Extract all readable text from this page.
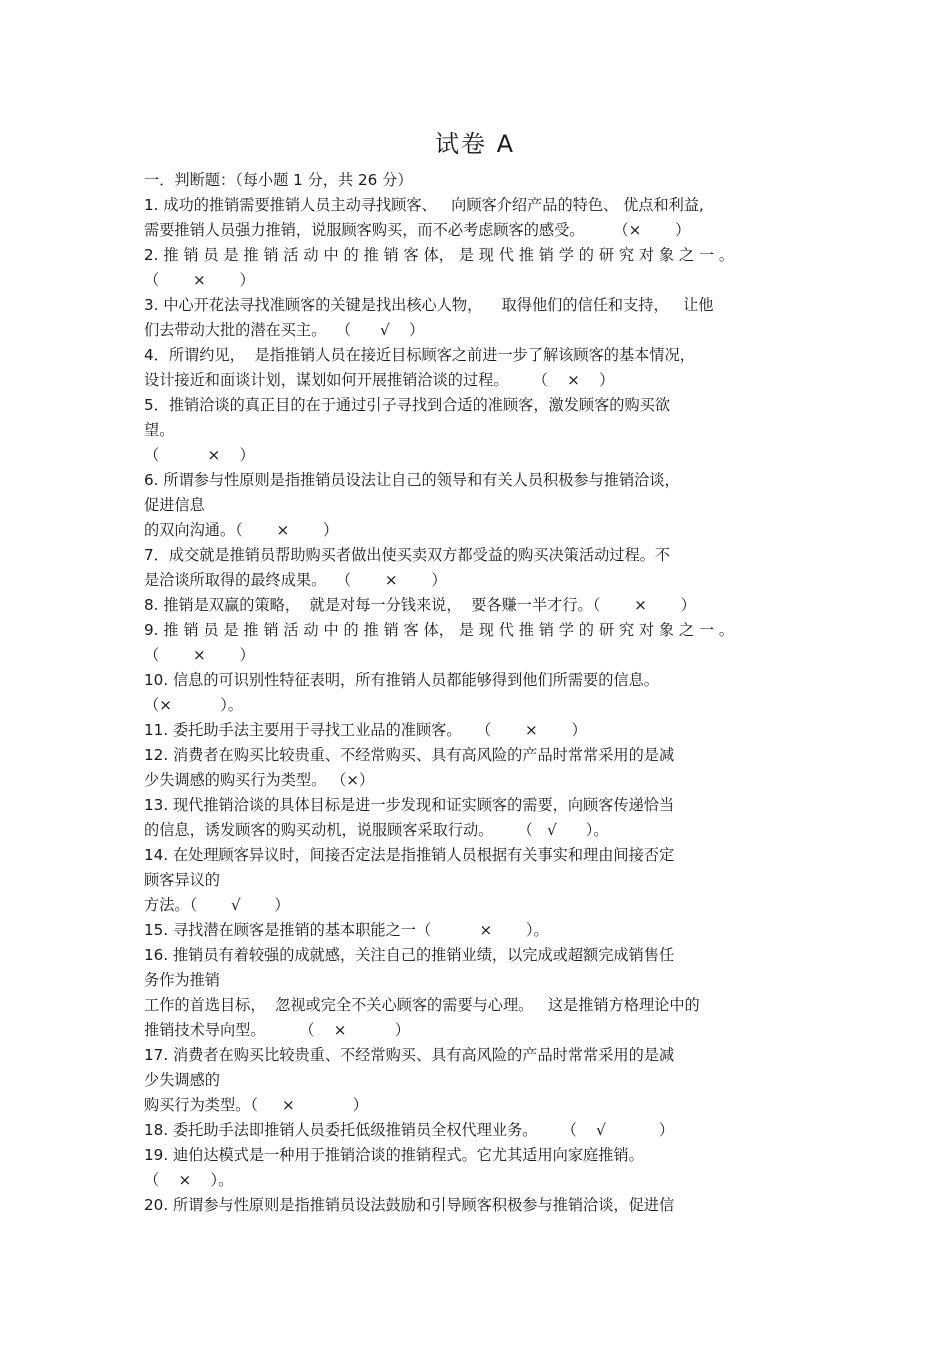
试卷 A
一．判断题：（每小题 1 分，共 26 分）
1. 成功的推销需要推销人员主动寻找顾客、   向顾客介绍产品的特色、 优点和利益,
需要推销人员强力推销，说服顾客购买，而不必考虑顾客的感受。      （×       ）
2. 推 销 员 是 推 销 活 动 中 的 推 销 客 体， 是 现 代 推 销 学 的 研 究 对 象 之 一 。
（       ×       ）
3. 中心开花法寻找准顾客的关键是找出核心人物，    取得他们的信任和支持，   让他
们去带动大批的潜在买主。  （      √    ）
4．所谓约见，  是指推销人员在接近目标顾客之前进一步了解该顾客的基本情况，
设计接近和面谈计划，谋划如何开展推销洽谈的过程。     （    ×    ）
5．推销洽谈的真正目的在于通过引子寻找到合适的准顾客，激发顾客的购买欲
望。
（          ×    ）
6. 所谓参与性原则是指推销员设法让自己的领导和有关人员积极参与推销洽谈，
促进信息
的双向沟通。（       ×       ）
7．成交就是推销员帮助购买者做出使买卖双方都受益的购买决策活动过程。不
是洽谈所取得的最终成果。  （       ×       ）
8. 推销是双赢的策略，  就是对每一分钱来说，  要各赚一半才行。（       ×       ）
9. 推 销 员 是 推 销 活 动 中 的 推 销 客 体， 是 现 代 推 销 学 的 研 究 对 象 之 一 。
（       ×       ）
10. 信息的可识别性特征表明，所有推销人员都能够得到他们所需要的信息。
（×          ）。
11. 委托助手法主要用于寻找工业品的准顾客。   （       ×       ）
12. 消费者在购买比较贵重、不经常购买、具有高风险的产品时常常采用的是减
少失调感的购买行为类型。 （×）
13. 现代推销洽谈的具体目标是进一步发现和证实顾客的需要，向顾客传递恰当
的信息，诱发顾客的购买动机，说服顾客采取行动。     （   √      ）。
14. 在处理顾客异议时，间接否定法是指推销人员根据有关事实和理由间接否定
顾客异议的
方法。（       √       ）
15. 寻找潜在顾客是推销的基本职能之一（          ×       ）。
16. 推销员有着较强的成就感，关注自己的推销业绩，以完成或超额完成销售任
务作为推销
工作的首选目标，  忽视或完全不关心顾客的需要与心理。   这是推销方格理论中的
推销技术导向型。       （    ×          ）
17. 消费者在购买比较贵重、不经常购买、具有高风险的产品时常常采用的是减
少失调感的
购买行为类型。（     ×            ）
18. 委托助手法即推销人员委托低级推销员全权代理业务。     （    √           ）
19. 迪伯达模式是一种用于推销洽谈的推销程式。它尤其适用向家庭推销。
（    ×    ）。
20. 所谓参与性原则是指推销员设法鼓励和引导顾客积极参与推销洽谈，促进信
